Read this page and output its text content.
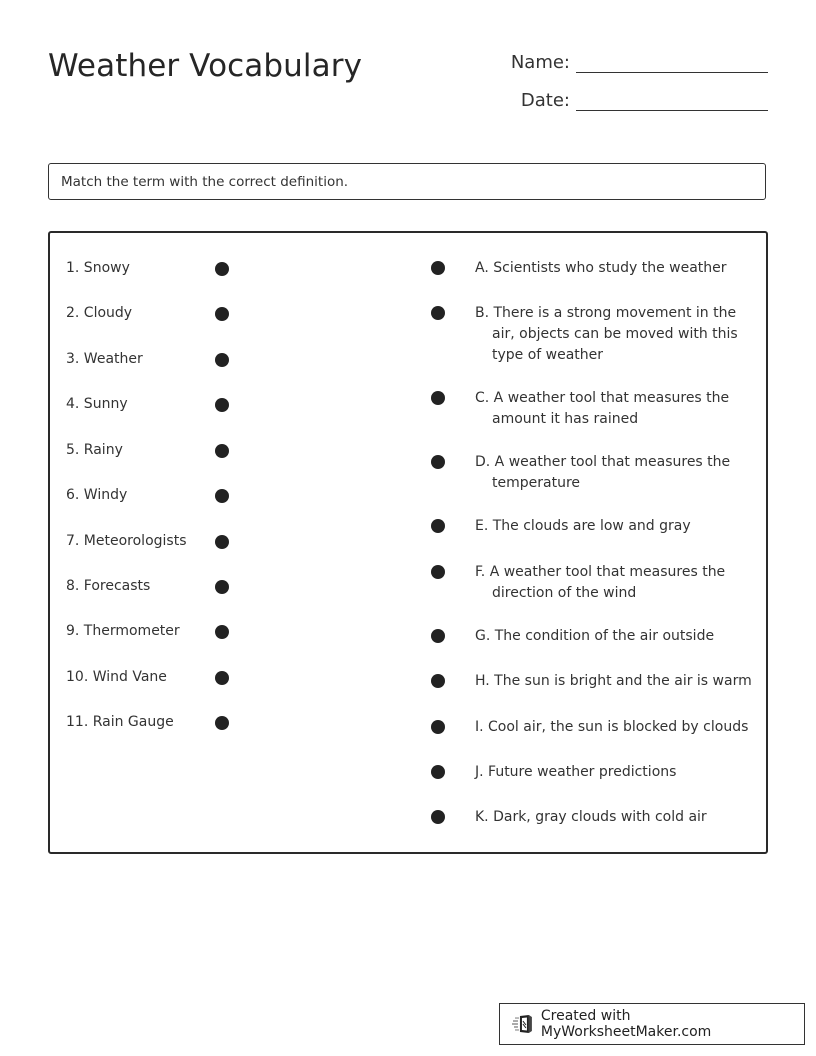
Weather Vocabulary	Name:
Date:
Match the term with the correct definition.
1. Snowy
2. Cloudy
3. Weather
4. Sunny
5. Rainy
6. Windy
7. Meteorologists
8. Forecasts
9. Thermometer
10. Wind Vane
11. Rain Gauge
A. Scientists who study the weather
B. There is a strong movement in the
air, objects can be moved with this type of weather
C. A weather tool that measures the
amount it has rained
D. A weather tool that measures the
temperature
E. The clouds are low and gray
F. A weather tool that measures the
direction of the wind
G. The condition of the air outside
H. The sun is bright and the air is warm
I. Cool air, the sun is blocked by clouds
J. Future weather predictions
K. Dark, gray clouds with cold air
Created with MyWorksheetMaker.com
